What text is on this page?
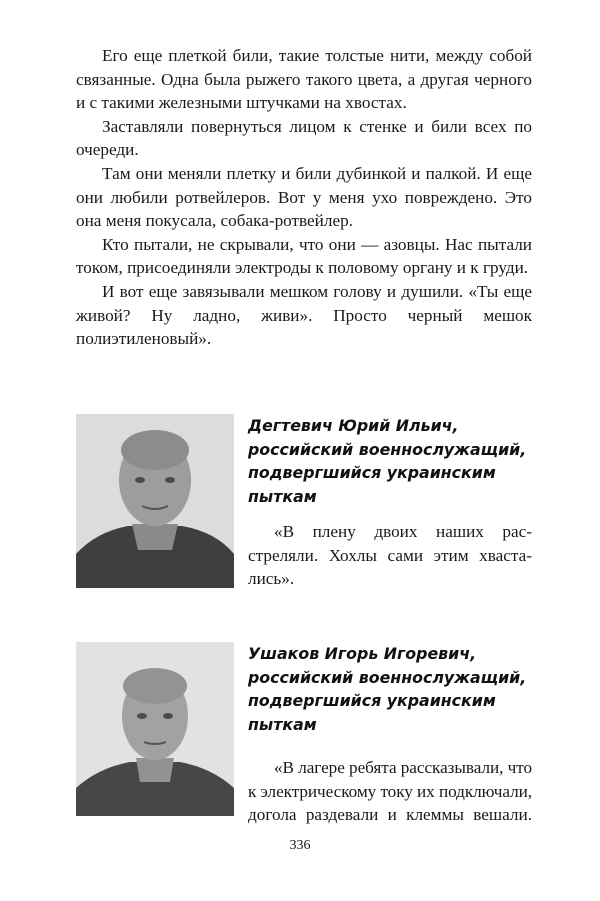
Его еще плеткой били, такие толстые нити, между собой связанные. Одна была рыжего такого цвета, а другая черного и с такими железными штучками на хвостах.

Заставляли повернуться лицом к стенке и били всех по очереди.

Там они меняли плетку и били дубинкой и палкой. И еще они любили ротвейлеров. Вот у меня ухо повреждено. Это она меня покусала, собака-ротвейлер.

Кто пытали, не скрывали, что они — азовцы. Нас пытали током, присоединяли электроды к половому органу и к груди.

И вот еще завязывали мешком голову и душили. «Ты еще живой? Ну ладно, живи». Просто черный мешок полиэтиленовый».

Дегтевич Юрий Ильич,
российский военнослужащий,
подвергшийся украинским
пыткам
«В плену двоих наших рас-
стреляли. Хохлы сами этим хваста-
лись».
Ушаков Игорь Игоревич,
российский военнослужащий,
подвергшийся украинским
пыткам
«В лагере ребята рассказывали, что
к электрическому току их подключали,
догола раздевали и клеммы вешали.
336
